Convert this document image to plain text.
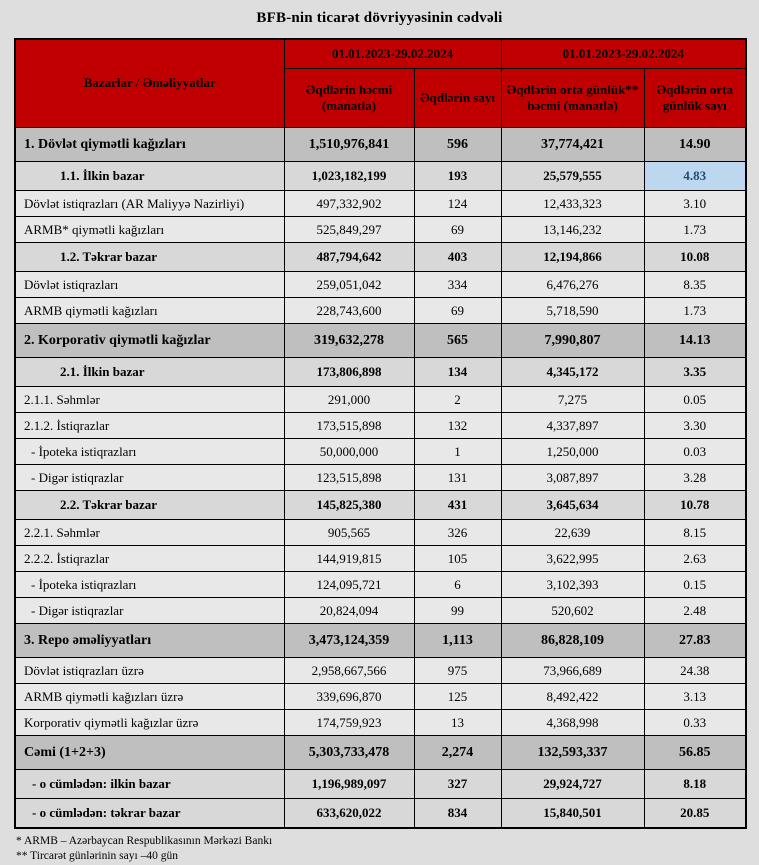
BFB-nin ticarət dövriyyəsinin cədvəli
Bazarlar / Əməliyyatlar	01.01.2023-29.02.2024		01.01.2023-29.02.2024	
	Əqdlərin həcmi (manatla)	Əqdlərin sayı	Əqdlərin orta günlük** həcmi (manatla)	Əqdlərin orta günlük sayı
1. Dövlət qiymətli kağızları	1,510,976,841	596	37,774,421	14.90
1.1. İlkin bazar	1,023,182,199	193	25,579,555	4.83
Dövlət istiqrazları (AR Maliyyə Nazirliyi)	497,332,902	124	12,433,323	3.10
ARMB* qiymətli kağızları	525,849,297	69	13,146,232	1.73
1.2. Təkrar bazar	487,794,642	403	12,194,866	10.08
Dövlət istiqrazları	259,051,042	334	6,476,276	8.35
ARMB qiymətli kağızları	228,743,600	69	5,718,590	1.73
2. Korporativ qiymətli kağızlar	319,632,278	565	7,990,807	14.13
2.1. İlkin bazar	173,806,898	134	4,345,172	3.35
2.1.1. Səhmlər	291,000	2	7,275	0.05
2.1.2. İstiqrazlar	173,515,898	132	4,337,897	3.30
- İpoteka istiqrazları	50,000,000	1	1,250,000	0.03
- Digər istiqrazlar	123,515,898	131	3,087,897	3.28
2.2. Təkrar bazar	145,825,380	431	3,645,634	10.78
2.2.1. Səhmlər	905,565	326	22,639	8.15
2.2.2. İstiqrazlar	144,919,815	105	3,622,995	2.63
- İpoteka istiqrazları	124,095,721	6	3,102,393	0.15
- Digər istiqrazlar	20,824,094	99	520,602	2.48
3. Repo əməliyyatları	3,473,124,359	1,113	86,828,109	27.83
Dövlət istiqrazları üzrə	2,958,667,566	975	73,966,689	24.38
ARMB qiymətli kağızları üzrə	339,696,870	125	8,492,422	3.13
Korporativ qiymətli kağızlar üzrə	174,759,923	13	4,368,998	0.33
Cəmi (1+2+3)	5,303,733,478	2,274	132,593,337	56.85
- o cümlədən: ilkin bazar	1,196,989,097	327	29,924,727	8.18
- o cümlədən: təkrar bazar	633,620,022	834	15,840,501	20.85
* ARMB – Azərbaycan Respublikasının Mərkəzi Bankı
** Tircarət günlərinin sayı –40 gün
